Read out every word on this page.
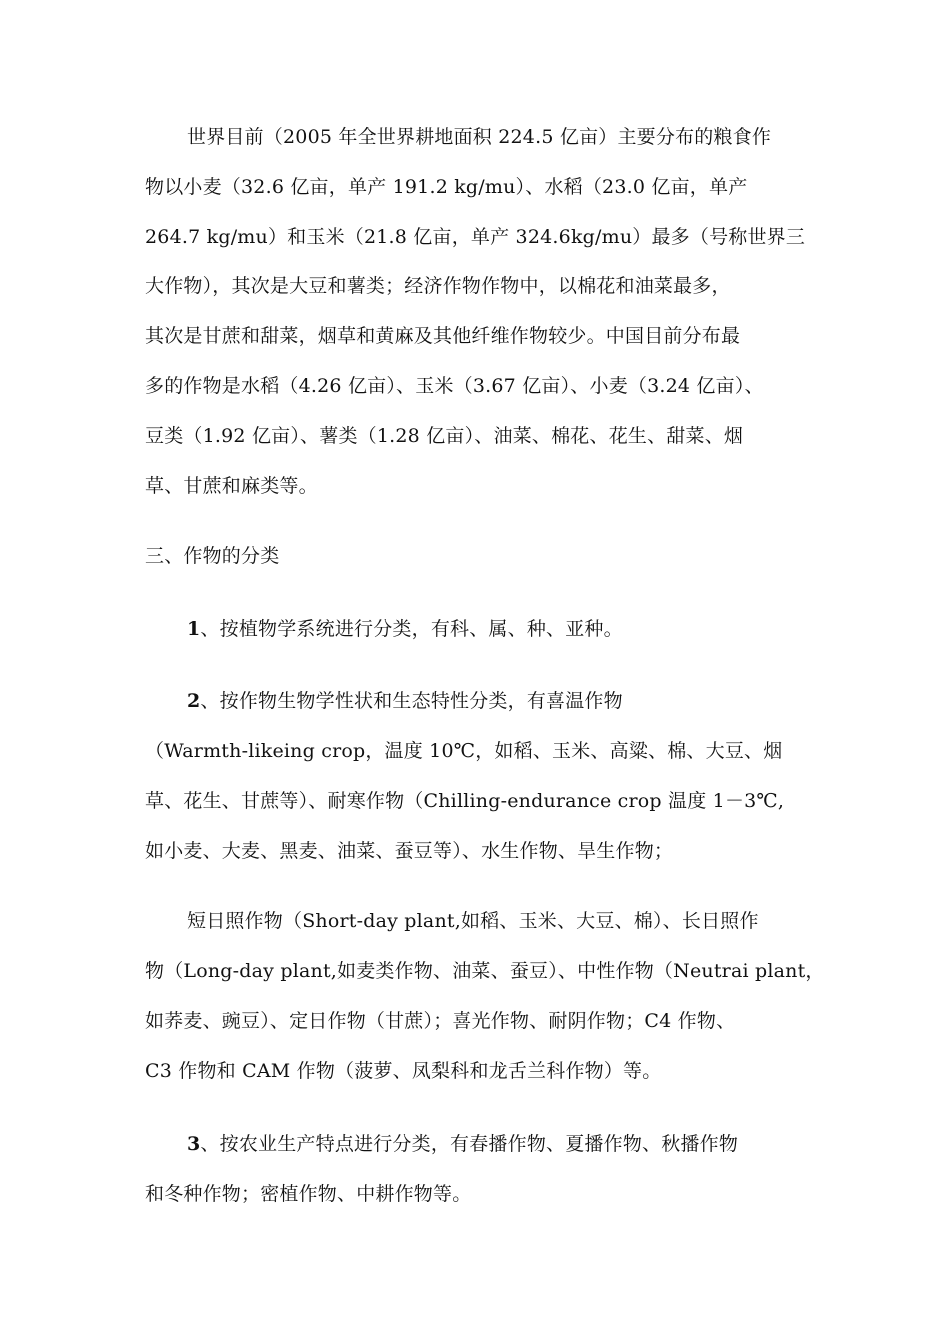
世界目前（2005 年全世界耕地面积 224.5 亿亩）主要分布的粮食作
物以小麦（32.6 亿亩，单产 191.2 kg/mu）、水稻（23.0 亿亩，单产
264.7 kg/mu）和玉米（21.8 亿亩，单产 324.6kg/mu）最多（号称世界三
大作物），其次是大豆和薯类；经济作物作物中，以棉花和油菜最多，
其次是甘蔗和甜菜，烟草和黄麻及其他纤维作物较少。中国目前分布最
多的作物是水稻（4.26 亿亩）、玉米（3.67 亿亩）、小麦（3.24 亿亩）、
豆类（1.92 亿亩）、薯类（1.28 亿亩）、油菜、棉花、花生、甜菜、烟
草、甘蔗和麻类等。
三、作物的分类
1、按植物学系统进行分类，有科、属、种、亚种。
2、按作物生物学性状和生态特性分类，有喜温作物
（Warmth-likeing crop，温度 10℃，如稻、玉米、高粱、棉、大豆、烟
草、花生、甘蔗等）、耐寒作物（Chilling-endurance crop 温度 1－3℃,
如小麦、大麦、黑麦、油菜、蚕豆等）、水生作物、旱生作物；
短日照作物（Short-day plant,如稻、玉米、大豆、棉）、长日照作
物（Long-day plant,如麦类作物、油菜、蚕豆）、中性作物（Neutrai plant，
如荞麦、豌豆）、定日作物（甘蔗）；喜光作物、耐阴作物；C4 作物、
C3 作物和 CAM 作物（菠萝、凤梨科和龙舌兰科作物）等。
3、按农业生产特点进行分类，有春播作物、夏播作物、秋播作物
和冬种作物；密植作物、中耕作物等。
